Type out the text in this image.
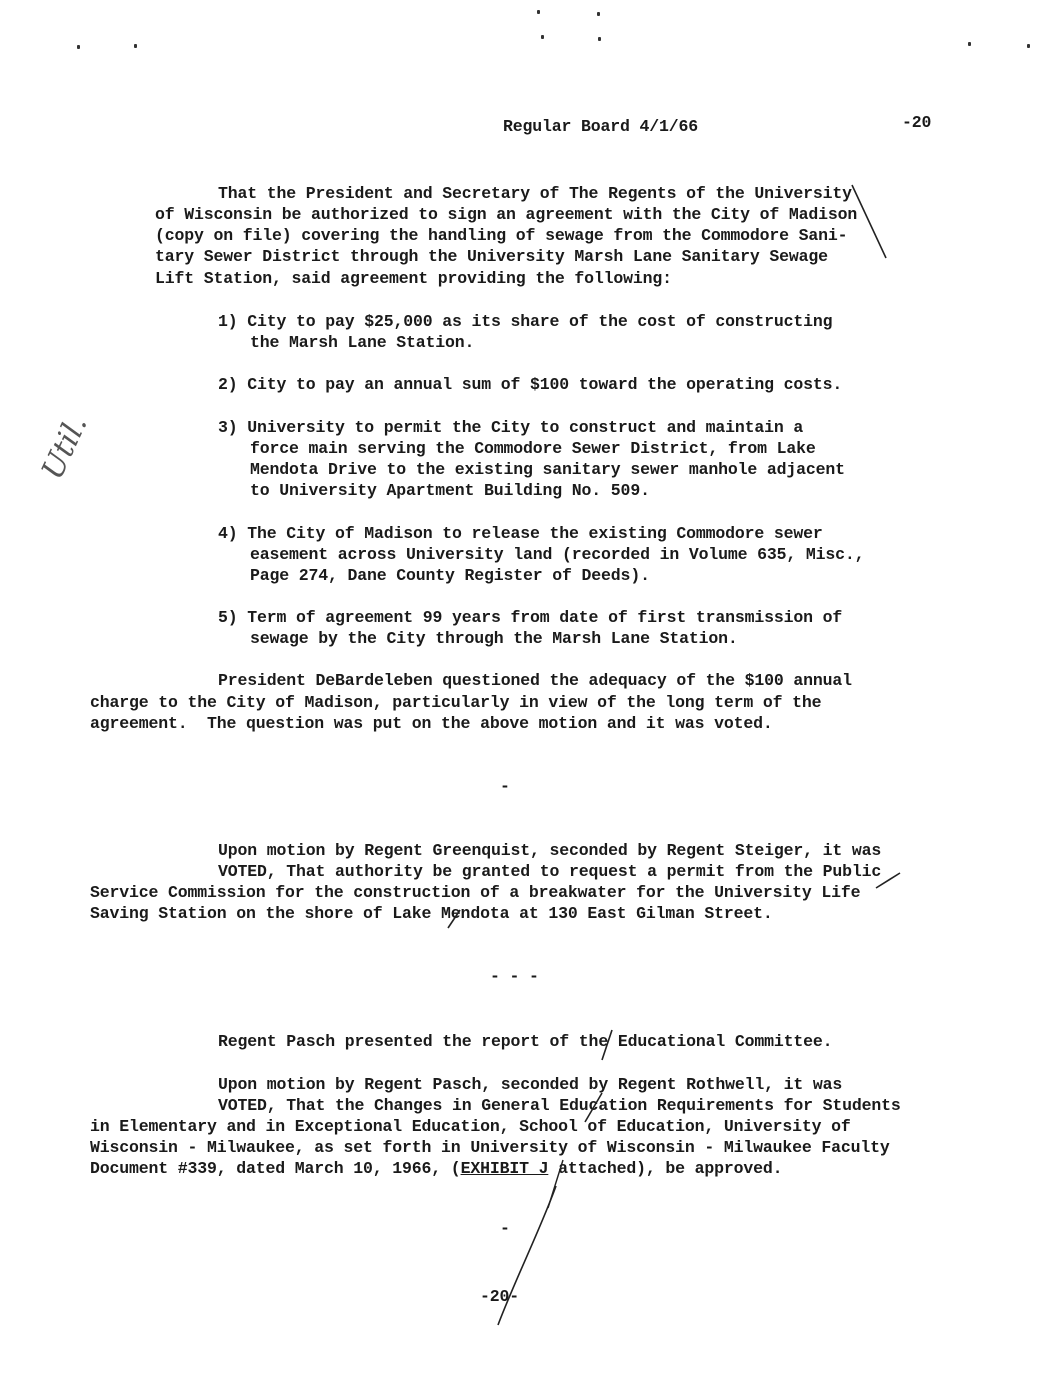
Regular Board 4/1/66	-20
That the President and Secretary of The Regents of the University
of Wisconsin be authorized to sign an agreement with the City of Madison
(copy on file) covering the handling of sewage from the Commodore Sani-
tary Sewer District through the University Marsh Lane Sanitary Sewage
Lift Station, said agreement providing the following:
1) City to pay $25,000 as its share of the cost of constructing
the Marsh Lane Station.
2) City to pay an annual sum of $100 toward the operating costs.
3) University to permit the City to construct and maintain a
force main serving the Commodore Sewer District, from Lake
Mendota Drive to the existing sanitary sewer manhole adjacent
to University Apartment Building No. 509.
4) The City of Madison to release the existing Commodore sewer
easement across University land (recorded in Volume 635, Misc.,
Page 274, Dane County Register of Deeds).
5) Term of agreement 99 years from date of first transmission of
sewage by the City through the Marsh Lane Station.
President DeBardeleben questioned the adequacy of the $100 annual
charge to the City of Madison, particularly in view of the long term of the
agreement.  The question was put on the above motion and it was voted.
-
Upon motion by Regent Greenquist, seconded by Regent Steiger, it was
VOTED, That authority be granted to request a permit from the Public
Service Commission for the construction of a breakwater for the University Life
Saving Station on the shore of Lake Mendota at 130 East Gilman Street.
- - -
Regent Pasch presented the report of the Educational Committee.
Upon motion by Regent Pasch, seconded by Regent Rothwell, it was
VOTED, That the Changes in General Education Requirements for Students
in Elementary and in Exceptional Education, School of Education, University of
Wisconsin - Milwaukee, as set forth in University of Wisconsin - Milwaukee Faculty
Document #339, dated March 10, 1966, (EXHIBIT J attached), be approved.
-
-20-
Util.
